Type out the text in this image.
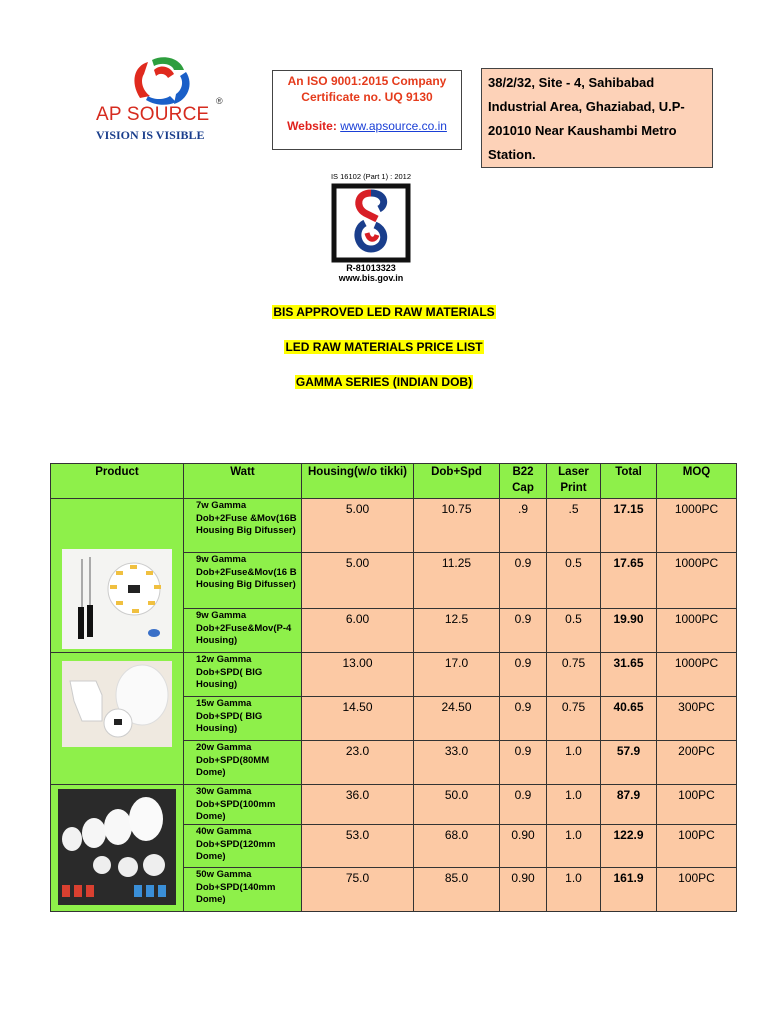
AP SOURCE
®
VISION IS VISIBLE
An ISO 9001:2015 Company
Certificate no. UQ 9130
Website: www.apsource.co.in
38/2/32, Site - 4, Sahibabad Industrial Area, Ghaziabad, U.P-201010 Near Kaushambi Metro Station.
IS 16102 (Part 1) : 2012
R-81013323
www.bis.gov.in
BIS APPROVED LED RAW MATERIALS
LED RAW MATERIALS PRICE LIST
GAMMA SERIES (INDIAN DOB)
Product	Watt	Housing(w/o tikki)	Dob+Spd	B22 Cap	Laser Print	Total	MOQ

	7w Gamma Dob+2Fuse &Mov(16B Housing Big Difusser)	5.00	10.75	.9	.5	17.15	1000PC
	9w Gamma Dob+2Fuse&Mov(16 B Housing Big Difusser)	5.00	11.25	0.9	0.5	17.65	1000PC
	9w Gamma Dob+2Fuse&Mov(P-4 Housing)	6.00	12.5	0.9	0.5	19.90	1000PC

	12w Gamma Dob+SPD( BIG Housing)	13.00	17.0	0.9	0.75	31.65	1000PC
	15w Gamma Dob+SPD( BIG Housing)	14.50	24.50	0.9	0.75	40.65	300PC
	20w Gamma Dob+SPD(80MM Dome)	23.0	33.0	0.9	1.0	57.9	200PC

	30w Gamma Dob+SPD(100mm Dome)	36.0	50.0	0.9	1.0	87.9	100PC
	40w Gamma Dob+SPD(120mm Dome)	53.0	68.0	0.90	1.0	122.9	100PC
	50w Gamma Dob+SPD(140mm Dome)	75.0	85.0	0.90	1.0	161.9	100PC
